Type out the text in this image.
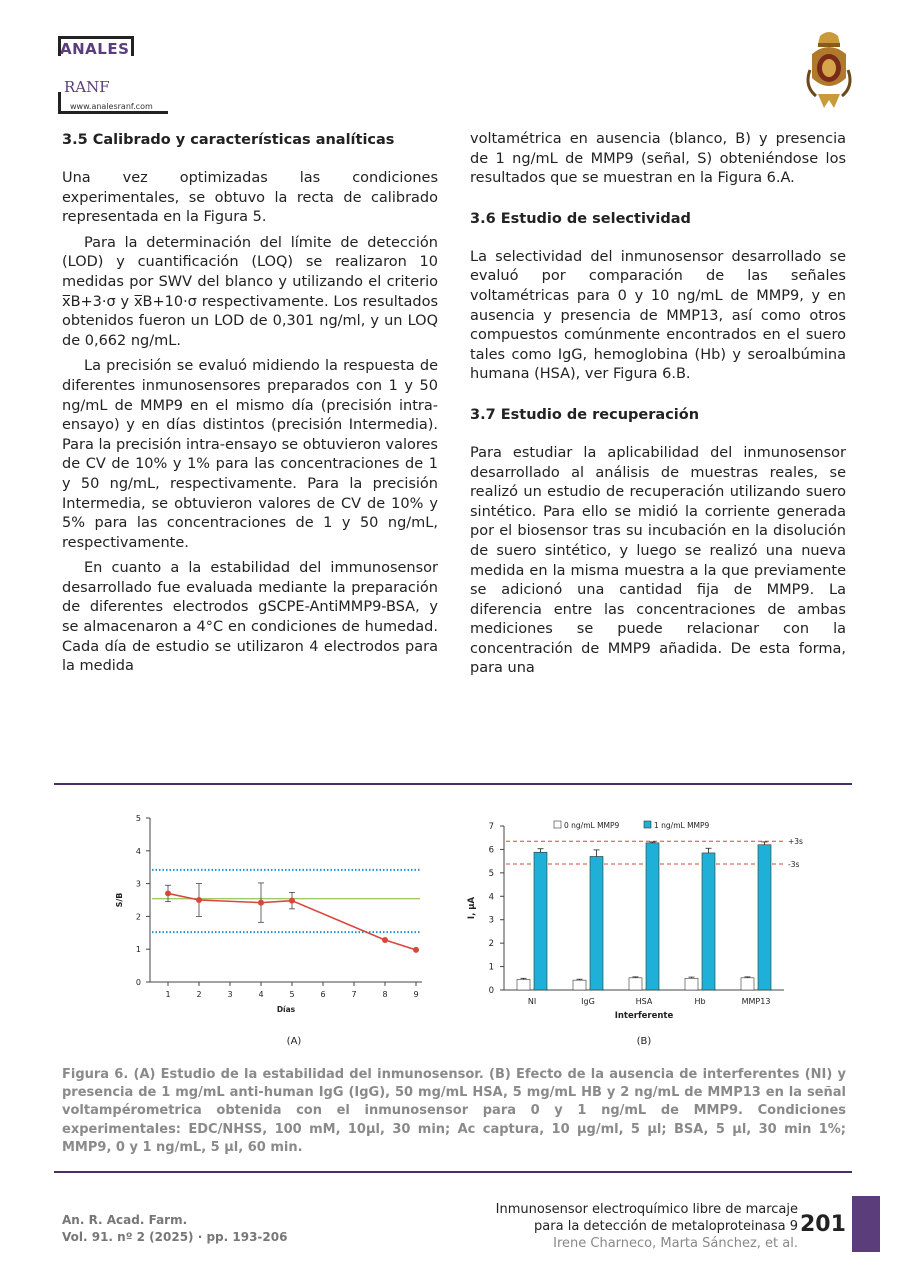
ANALES
RANF
www.analesranf.com
3.5 Calibrado y características analíticas

Una vez optimizadas las condiciones experimentales, se obtuvo la recta de calibrado representada en la Figura 5.

Para la determinación del límite de detección (LOD) y cuantificación (LOQ) se realizaron 10 medidas por SWV del blanco y utilizando el criterio x̅B+3·σ y x̅B+10·σ respectivamente. Los resultados obtenidos fueron un LOD de 0,301 ng/ml, y un LOQ de 0,662 ng/mL.

La precisión se evaluó midiendo la respuesta de diferentes inmunosensores preparados con 1 y 50 ng/mL de MMP9 en el mismo día (precisión intra-ensayo) y en días distintos (precisión Intermedia). Para la precisión intra-ensayo se obtuvieron valores de CV de 10% y 1% para las concentraciones de 1 y 50 ng/mL, respectivamente. Para la precisión Intermedia, se obtuvieron valores de CV de 10% y 5% para las concentraciones de 1 y 50 ng/mL, respectivamente.

En cuanto a la estabilidad del immunosensor desarrollado fue evaluada mediante la preparación de diferentes electrodos gSCPE-AntiMMP9-BSA, y se almacenaron a 4°C en condiciones de humedad. Cada día de estudio se utilizaron 4 electrodos para la medida

voltamétrica en ausencia (blanco, B) y presencia de 1 ng/mL de MMP9 (señal, S) obteniéndose los resultados que se muestran en la Figura 6.A.

3.6 Estudio de selectividad

La selectividad del inmunosensor desarrollado se evaluó por comparación de las señales voltamétricas para 0 y 10 ng/mL de MMP9, y en ausencia y presencia de MMP13, así como otros compuestos comúnmente encontrados en el suero tales como IgG, hemoglobina (Hb) y seroalbúmina humana (HSA), ver Figura 6.B.

3.7 Estudio de recuperación

Para estudiar la aplicabilidad del inmunosensor desarrollado al análisis de muestras reales, se realizó un estudio de recuperación utilizando suero sintético. Para ello se midió la corriente generada por el biosensor tras su incubación en la disolución de suero sintético, y luego se realizó una nueva medida en la misma muestra a la que previamente se adicionó una cantidad fija de MMP9. La diferencia entre las concentraciones de ambas mediciones se puede relacionar con la concentración de MMP9 añadida. De esta forma, para una

0
1
2
3
4
5
1	2	3	4	5	6	7	8	9
Días
S/B
(A)
0
1
2
3
4
5
6
7
I, µA
Interferente
+3s
-3s
NI	IgG	HSA	Hb	MMP13
0 ng/mL MMP9	1 ng/mL MMP9
(B)
Figura 6. (A) Estudio de la estabilidad del inmunosensor. (B) Efecto de la ausencia de interferentes (NI) y presencia de 1 mg/mL anti-human IgG (IgG), 50 mg/mL HSA, 5 mg/mL HB y 2 ng/mL de MMP13 en la señal voltampérometrica obtenida con el inmunosensor para 0 y 1 ng/mL de MMP9. Condiciones experimentales: EDC/NHSS, 100 mM, 10µl, 30 min; Ac captura, 10 µg/ml, 5 µl; BSA, 5 µl, 30 min 1%; MMP9, 0 y 1 ng/mL, 5 µl, 60 min.
An. R. Acad. Farm.
Vol. 91. nº 2 (2025) · pp. 193-206
Inmunosensor electroquímico libre de marcaje
para la detección de metaloproteinasa 9
Irene Charneco, Marta Sánchez, et al.
201
